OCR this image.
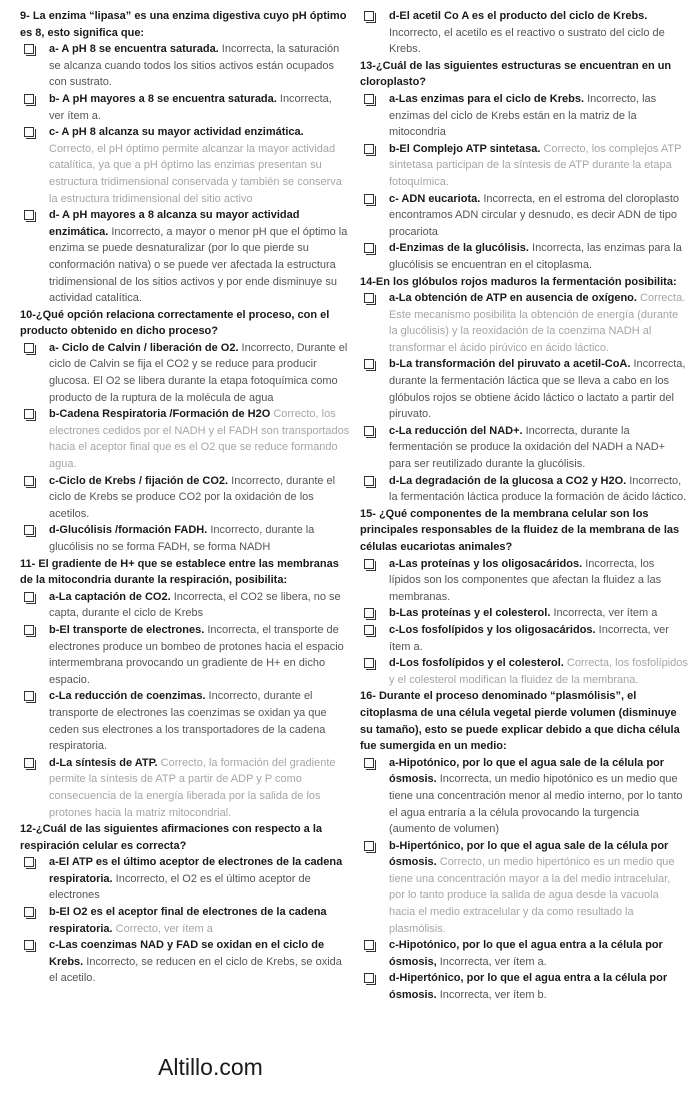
9- La enzima “lipasa” es una enzima digestiva cuyo pH óptimo es 8, esto significa que:

a- A pH 8 se encuentra saturada. Incorrecta, la saturación se alcanza cuando todos los sitios activos están ocupados con sustrato.
b- A pH mayores a 8 se encuentra saturada. Incorrecta, ver ítem a.
c- A pH 8 alcanza su mayor actividad enzimática. Correcto, el pH óptimo permite alcanzar la mayor actividad catalítica, ya que a pH óptimo las enzimas presentan su estructura tridimensional conservada y también se conserva la estructura tridimensional del sitio activo
d- A pH mayores a 8 alcanza su mayor actividad enzimática. Incorrecto, a mayor o menor pH que el óptimo la enzima se puede desnaturalizar (por lo que pierde su conformación nativa) o se puede ver afectada la estructura tridimensional de los sitios activos y por ende disminuye su actividad catalítica.

10-¿Qué opción relaciona correctamente el proceso, con el producto obtenido en dicho proceso?

a- Ciclo de Calvin / liberación de O2. Incorrecto, Durante el ciclo de Calvin se fija el CO2 y se reduce para producir glucosa. El O2 se libera durante la etapa fotoquímica como producto de la ruptura de la molécula de agua
b-Cadena Respiratoria /Formación de H2O Correcto, los electrones cedidos por el NADH y el FADH son transportados hacia el aceptor final que es el O2 que se reduce formando agua.
c-Ciclo de Krebs / fijación de CO2. Incorrecto, durante el ciclo de Krebs se produce CO2 por la oxidación de los acetilos.
d-Glucólisis /formación FADH. Incorrecto, durante la glucólisis no se forma FADH, se forma NADH

11- El gradiente de H+ que se establece entre las membranas de la mitocondria durante la respiración, posibilita:

a-La captación de CO2. Incorrecta, el CO2 se libera, no se capta, durante el ciclo de Krebs
b-El transporte de electrones. Incorrecta, el transporte de electrones produce un bombeo de protones hacia el espacio intermembrana provocando un gradiente de H+ en dicho espacio.
c-La reducción de coenzimas. Incorrecto, durante el transporte de electrones las coenzimas se oxidan ya que ceden sus electrones a los transportadores de la cadena respiratoria.
d-La síntesis de ATP. Correcto, la formación del gradiente permite la síntesis de ATP a partir de ADP y P como consecuencia de la energía liberada por la salida de los protones hacia la matriz mitocondrial.

12-¿Cuál de las siguientes afirmaciones con respecto a la respiración celular es correcta?

a-El ATP es el último aceptor de electrones de la cadena respiratoria. Incorrecto, el O2 es el último aceptor de electrones
b-El O2 es el aceptor final de electrones de la cadena respiratoria. Correcto, ver ítem a
c-Las coenzimas NAD y FAD se oxidan en el ciclo de Krebs. Incorrecto, se reducen en el ciclo de Krebs, se oxida el acetilo.
d-El acetil Co A es el producto del ciclo de Krebs. Incorrecto, el acetilo es el reactivo o sustrato del ciclo de Krebs.

13-¿Cuál de las siguientes estructuras se encuentran en un cloroplasto?

a-Las enzimas para el ciclo de Krebs. Incorrecto, las enzimas del ciclo de Krebs están en la matriz de la mitocondria
b-El Complejo ATP sintetasa. Correcto, los complejos ATP sintetasa participan de la síntesis de ATP durante la etapa fotoquímica.
c- ADN eucariota. Incorrecta, en el estroma del cloroplasto encontramos ADN circular y desnudo, es decir ADN de tipo procariota
d-Enzimas de la glucólisis. Incorrecta, las enzimas para la glucólisis se encuentran en el citoplasma.

14-En los glóbulos rojos maduros la fermentación posibilita:

a-La obtención de ATP en ausencia de oxígeno. Correcta. Este mecanismo posibilita la obtención de energía (durante la glucólisis) y la reoxidación de la coenzima NADH al transformar el ácido pirúvico en ácido láctico.
b-La transformación del piruvato a acetil-CoA. Incorrecta, durante la fermentación láctica que se lleva a cabo en los glóbulos rojos se obtiene ácido láctico o lactato a partir del piruvato.
c-La reducción del NAD+. Incorrecta, durante la fermentación se produce la oxidación del NADH a NAD+ para ser reutilizado durante la glucólisis.
d-La degradación de la glucosa a CO2 y H2O. Incorrecto, la fermentación láctica produce la formación de ácido láctico.

15- ¿Qué componentes de la membrana celular son los principales responsables de la fluidez de la membrana de las células eucariotas animales?

a-Las proteínas y los oligosacáridos. Incorrecta, los lípidos son los componentes que afectan la fluidez a las membranas.
b-Las proteínas y el colesterol. Incorrecta, ver ítem a
c-Los fosfolípidos y los oligosacáridos. Incorrecta, ver ítem a.
d-Los fosfolípidos y el colesterol. Correcta, los fosfolípidos y el colesterol modifican la fluidez de la membrana.

16- Durante el proceso denominado “plasmólisis”, el citoplasma de una célula vegetal pierde volumen (disminuye su tamaño), esto se puede explicar debido a que dicha célula fue sumergida en un medio:

a-Hipotónico, por lo que el agua sale de la célula por ósmosis. Incorrecta, un medio hipotónico es un medio que tiene una concentración menor al medio interno, por lo tanto el agua entraría a la célula provocando la turgencia (aumento de volumen)
b-Hipertónico, por lo que el agua sale de la célula por ósmosis. Correcto, un medio hipertónico es un medio que tiene una concentración mayor a la del medio intracelular, por lo tanto produce la salida de agua desde la vacuola hacia el medio extracelular y da como resultado la plasmólisis.
c-Hipotónico, por lo que el agua entra a la célula por ósmosis, Incorrecta, ver ítem a.
d-Hipertónico, por lo que el agua entra a la célula por ósmosis. Incorrecta, ver ítem b.
Altillo.com
